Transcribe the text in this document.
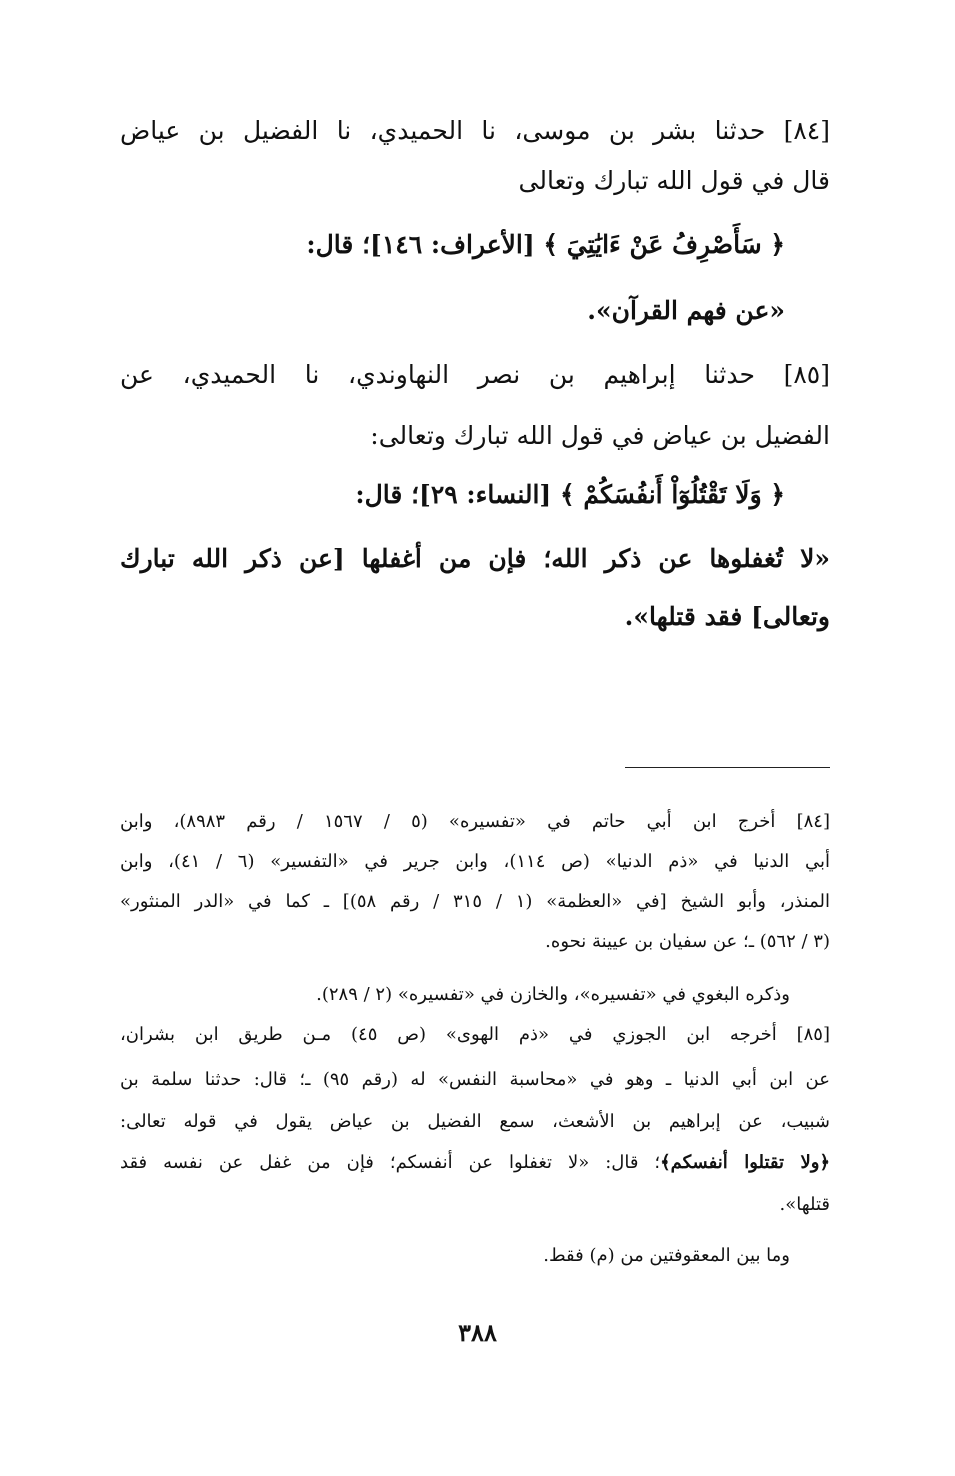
[٨٤] حدثنا بشر بن موسى، نا الحميدي، نا الفضيل بن عياض
قال في قول الله تبارك وتعالى
﴿ سَأَصْرِفُ عَنْ ءَايَٰتِيَ ﴾ [الأعراف: ١٤٦]؛ قال:
«عن فهم القرآن».
[٨٥] حدثنا إبراهيم بن نصر النهاوندي، نا الحميدي، عن
الفضيل بن عياض في قول الله تبارك وتعالى:
﴿ وَلَا تَقْتُلُوٓاْ أَنفُسَكُمْ ﴾ [النساء: ٢٩]؛ قال:
«لا تُغفلوها عن ذكر الله؛ فإن من أغفلها [عن ذكر الله تبارك
وتعالى] فقد قتلها».
[٨٤] أخرج ابن أبي حاتم في «تفسيره» (٥ / ١٥٦٧ / رقم ٨٩٨٣)، وابن
أبي الدنيا في «ذم الدنيا» (ص ١١٤)، وابن جرير في «التفسير» (٦ / ٤١)، وابن
المنذر، وأبو الشيخ [في «العظمة» (١ / ٣١٥ / رقم ٥٨)] ـ كما في «الدر المنثور»
(٣ / ٥٦٢) ـ؛ عن سفيان بن عيينة نحوه.
وذكره البغوي في «تفسيره»، والخازن في «تفسيره» (٢ / ٢٨٩).
[٨٥] أخرجه ابن الجوزي في «ذم الهوى» (ص ٤٥) مـن طريق ابن بشران،
عن ابن أبي الدنيا ـ وهو في «محاسبة النفس» له (رقم ٩٥) ـ؛ قال: حدثنا سلمة بن
شبيب، عن إبراهيم بن الأشعث، سمع الفضيل بن عياض يقول في قوله تعالى:
﴿ولا تقتلوا أنفسكم﴾؛ قال: «لا تغفلوا عن أنفسكم؛ فإن من غفل عن نفسه فقد
قتلها».
وما بين المعقوفتين من (م) فقط.
٣٨٨
